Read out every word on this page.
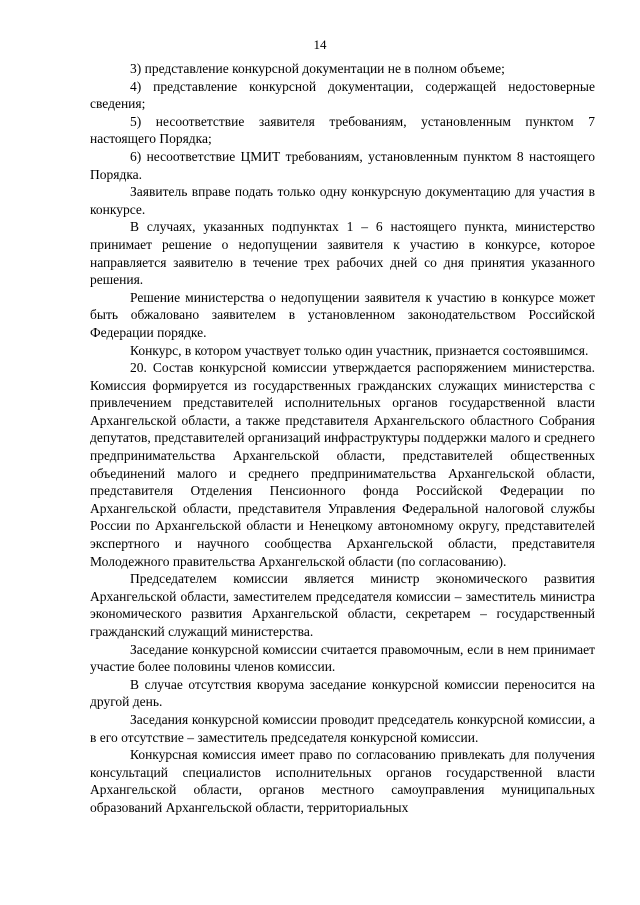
14

3) представление конкурсной документации не в полном объеме;

4) представление конкурсной документации, содержащей недостоверные сведения;

5) несоответствие заявителя требованиям, установленным пунктом 7 настоящего Порядка;

6) несоответствие ЦМИТ требованиям, установленным пунктом 8 настоящего Порядка.

Заявитель вправе подать только одну конкурсную документацию для участия в конкурсе.

В случаях, указанных подпунктах 1 – 6 настоящего пункта, министерство принимает решение о недопущении заявителя к участию в конкурсе, которое направляется заявителю в течение трех рабочих дней со дня принятия указанного решения.

Решение министерства о недопущении заявителя к участию в конкурсе может быть обжаловано заявителем в установленном законодательством Российской Федерации порядке.

Конкурс, в котором участвует только один участник, признается состоявшимся.

20. Состав конкурсной комиссии утверждается распоряжением министерства. Комиссия формируется из государственных гражданских служащих министерства с привлечением представителей исполнительных органов государственной власти Архангельской области, а также представителя Архангельского областного Собрания депутатов, представителей организаций инфраструктуры поддержки малого и среднего предпринимательства Архангельской области, представителей общественных объединений малого и среднего предпринимательства Архангельской области, представителя Отделения Пенсионного фонда Российской Федерации по Архангельской области, представителя Управления Федеральной налоговой службы России по Архангельской области и Ненецкому автономному округу, представителей экспертного и научного сообщества Архангельской области, представителя Молодежного правительства Архангельской области (по согласованию).

Председателем комиссии является министр экономического развития Архангельской области, заместителем председателя комиссии – заместитель министра экономического развития Архангельской области, секретарем – государственный гражданский служащий министерства.

Заседание конкурсной комиссии считается правомочным, если в нем принимает участие более половины членов комиссии.

В случае отсутствия кворума заседание конкурсной комиссии переносится на другой день.

Заседания конкурсной комиссии проводит председатель конкурсной комиссии, а в его отсутствие – заместитель председателя конкурсной комиссии.

Конкурсная комиссия имеет право по согласованию привлекать для получения консультаций специалистов исполнительных органов государственной власти Архангельской области, органов местного самоуправления муниципальных образований Архангельской области, территориальных
